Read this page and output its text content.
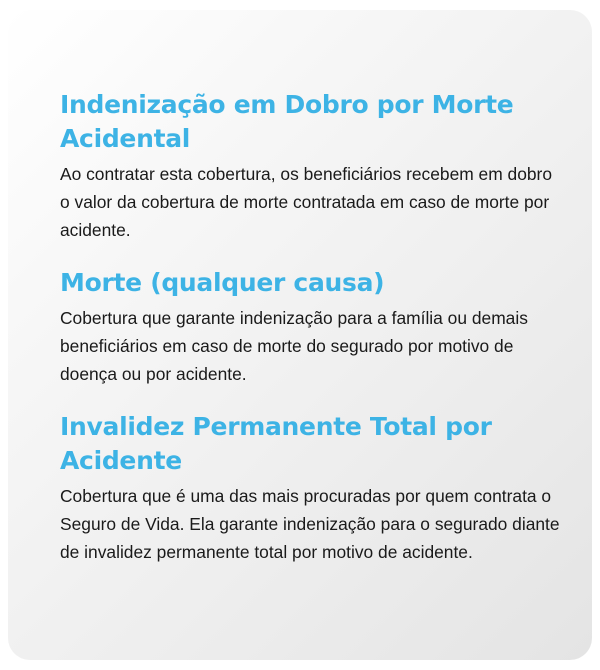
Indenização em Dobro por Morte Acidental

Ao contratar esta cobertura, os beneficiários recebem em dobro o valor da cobertura de morte contratada em caso de morte por acidente.

Morte (qualquer causa)

Cobertura que garante indenização para a família ou demais beneficiários em caso de morte do segurado por motivo de doença ou por acidente.

Invalidez Permanente Total por Acidente

Cobertura que é uma das mais procuradas por quem contrata o Seguro de Vida. Ela garante indenização para o segurado diante de invalidez permanente total por motivo de acidente.
